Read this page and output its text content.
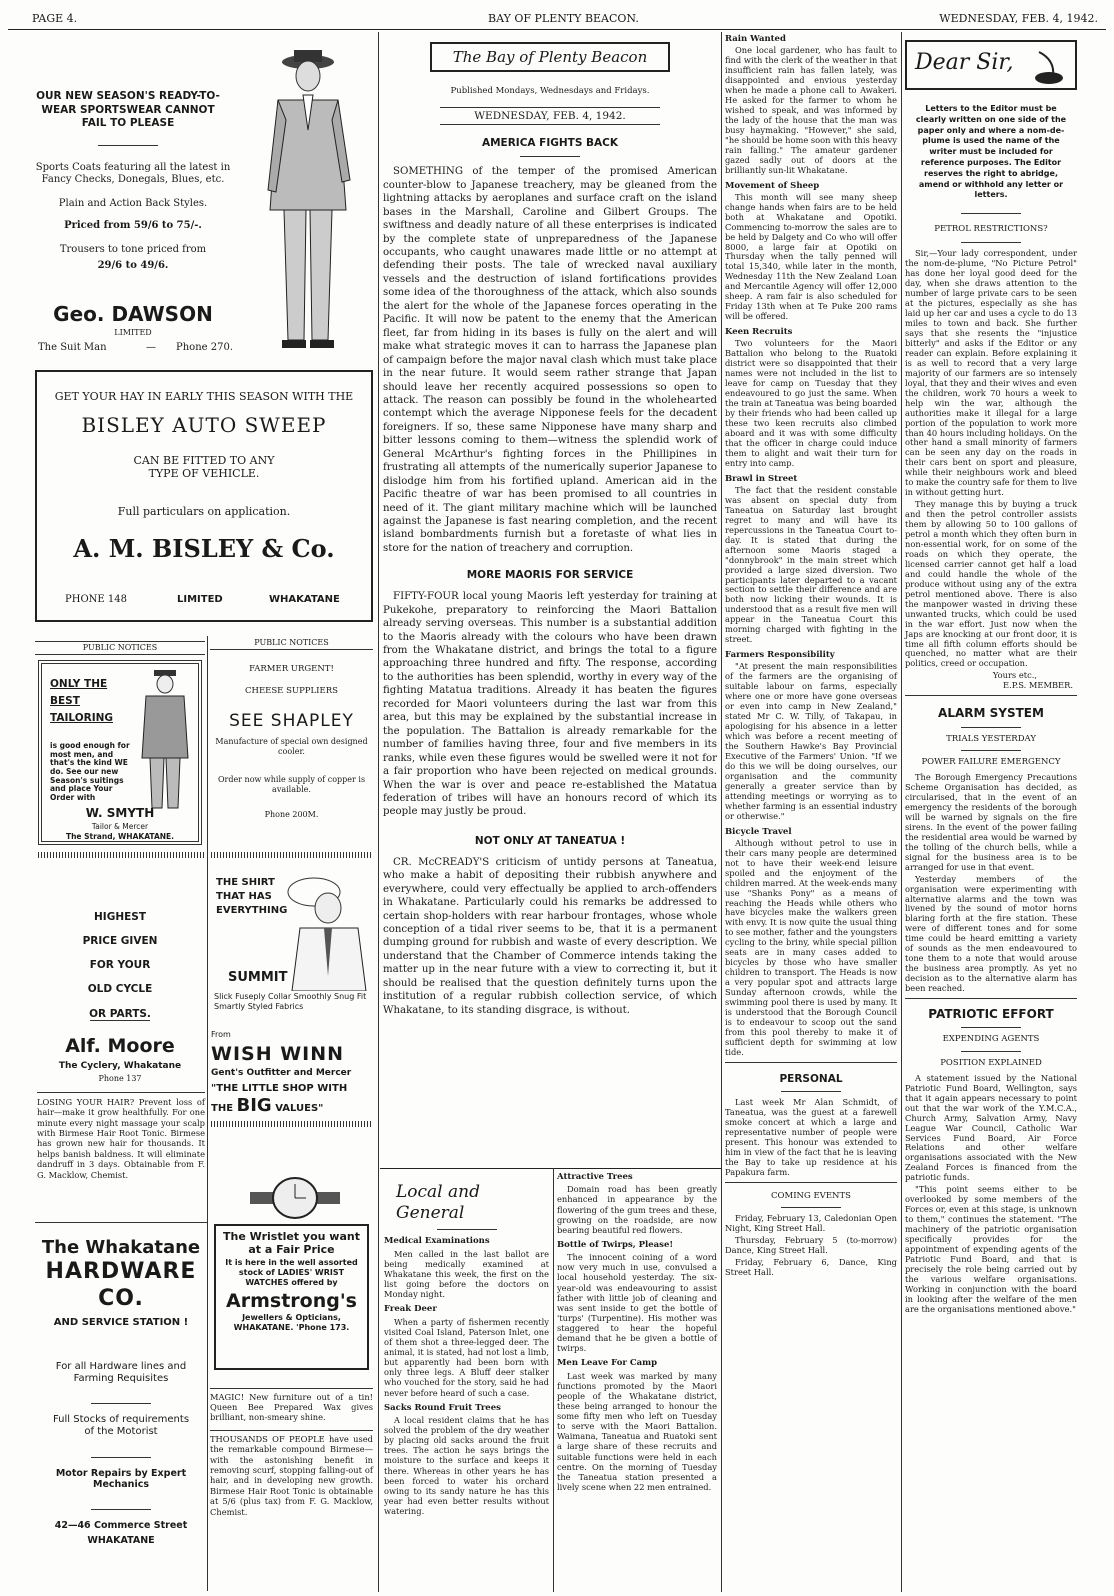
PAGE 4.	BAY OF PLENTY BEACON.	WEDNESDAY, FEB. 4, 1942.
OUR NEW SEASON'S READY-TO-WEAR SPORTSWEAR CANNOT FAIL TO PLEASE
Sports Coats featuring all the latest in Fancy Checks, Donegals, Blues, etc.
Plain and Action Back Styles.
Priced from 59/6 to 75/-.
Trousers to tone priced from
29/6 to 49/6.
Geo. DAWSON
LIMITED
The Suit Man	— Phone 270.
GET YOUR HAY IN EARLY THIS SEASON WITH THE
BISLEY AUTO SWEEP
CAN BE FITTED TO ANY TYPE OF VEHICLE.
Full particulars on application.
A. M. BISLEY & Co.
PHONE 148	LIMITED	WHAKATANE
PUBLIC NOTICES
PUBLIC NOTICES
ONLY THE BEST TAILORING
is good enough for most men, and that's the kind WE do. See our new Season's suitings and place Your Order with
W. SMYTH
Tailor & Mercer
The Strand, WHAKATANE.
FARMER URGENT!
CHEESE SUPPLIERS
SEE SHAPLEY
Manufacture of special own designed cooler.
Order now while supply of copper is available.
Phone 200M.
HIGHEST
PRICE GIVEN
FOR YOUR
OLD CYCLE
OR PARTS.
Alf. Moore
The Cyclery, Whakatane
Phone 137
LOSING YOUR HAIR? Prevent loss of hair—make it grow healthfully. For one minute every night massage your scalp with Birmese Hair Root Tonic. Birmese has grown new hair for thousands. It helps banish baldness. It will eliminate dandruff in 3 days. Obtainable from F. G. Macklow, Chemist.
The Whakatane
HARDWARE CO.
AND SERVICE STATION !
For all Hardware lines and Farming Requisites
Full Stocks of requirements of the Motorist
Motor Repairs by Expert Mechanics
42—46 Commerce Street
WHAKATANE
THE SHIRT THAT HAS EVERYTHING
SUMMIT
Slick Fuseply Collar Smoothly Snug Fit Smartly Styled Fabrics
From
WISH WINN
Gent's Outfitter and Mercer
"THE LITTLE SHOP WITH
THE BIG VALUES"
The Wristlet you want at a Fair Price
It is here in the well assorted stock of LADIES' WRIST WATCHES offered by
Armstrong's
Jewellers & Opticians,
WHAKATANE. 'Phone 173.
MAGIC! New furniture out of a tin! Queen Bee Prepared Wax gives brilliant, non-smeary shine.
THOUSANDS OF PEOPLE have used the remarkable compound Birmese—with the astonishing benefit in removing scurf, stopping falling-out of hair, and in developing new growth. Birmese Hair Root Tonic is obtainable at 5/6 (plus tax) from F. G. Macklow, Chemist.
The Bay of Plenty Beacon
Published Mondays, Wednesdays and Fridays.
WEDNESDAY, FEB. 4, 1942.
AMERICA FIGHTS BACK

SOMETHING of the temper of the promised American counter-blow to Japanese treachery, may be gleaned from the lightning attacks by aeroplanes and surface craft on the island bases in the Marshall, Caroline and Gilbert Groups. The swiftness and deadly nature of all these enterprises is indicated by the complete state of unpreparedness of the Japanese occupants, who caught unawares made little or no attempt at defending their posts. The tale of wrecked naval auxiliary vessels and the destruction of island fortifications provides some idea of the thoroughness of the attack, which also sounds the alert for the whole of the Japanese forces operating in the Pacific. It will now be patent to the enemy that the American fleet, far from hiding in its bases is fully on the alert and will make what strategic moves it can to harrass the Japanese plan of campaign before the major naval clash which must take place in the near future. It would seem rather strange that Japan should leave her recently acquired possessions so open to attack. The reason can possibly be found in the wholehearted contempt which the average Nipponese feels for the decadent foreigners. If so, these same Nipponese have many sharp and bitter lessons coming to them—witness the splendid work of General McArthur's fighting forces in the Phillipines in frustrating all attempts of the numerically superior Japanese to dislodge him from his fortified upland. American aid in the Pacific theatre of war has been promised to all countries in need of it. The giant military machine which will be launched against the Japanese is fast nearing completion, and the recent island bombardments furnish but a foretaste of what lies in store for the nation of treachery and corruption.

MORE MAORIS FOR SERVICE

FIFTY-FOUR local young Maoris left yesterday for training at Pukekohe, preparatory to reinforcing the Maori Battalion already serving overseas. This number is a substantial addition to the Maoris already with the colours who have been drawn from the Whakatane district, and brings the total to a figure approaching three hundred and fifty. The response, according to the authorities has been splendid, worthy in every way of the fighting Matatua traditions. Already it has beaten the figures recorded for Maori volunteers during the last war from this area, but this may be explained by the substantial increase in the population. The Battalion is already remarkable for the number of families having three, four and five members in its ranks, while even these figures would be swelled were it not for a fair proportion who have been rejected on medical grounds. When the war is over and peace re-established the Matatua federation of tribes will have an honours record of which its people may justly be proud.

NOT ONLY AT TANEATUA !

CR. McCREADY'S criticism of untidy persons at Taneatua, who make a habit of depositing their rubbish anywhere and everywhere, could very effectually be applied to arch-offenders in Whakatane. Particularly could his remarks be addressed to certain shop-holders with rear harbour frontages, whose whole conception of a tidal river seems to be, that it is a permanent dumping ground for rubbish and waste of every description. We understand that the Chamber of Commerce intends taking the matter up in the near future with a view to correcting it, but it should be realised that the question definitely turns upon the institution of a regular rubbish collection service, of which Whakatane, to its standing disgrace, is without.

Local and General
Medical Examinations

Men called in the last ballot are being medically examined at Whakatane this week, the first on the list going before the doctors on Monday night.

Freak Deer

When a party of fishermen recently visited Coal Island, Paterson Inlet, one of them shot a three-legged deer. The animal, it is stated, had not lost a limb, but apparently had been born with only three legs. A Bluff deer stalker who vouched for the story, said he had never before heard of such a case.

Sacks Round Fruit Trees

A local resident claims that he has solved the problem of the dry weather by placing old sacks around the fruit trees. The action he says brings the moisture to the surface and keeps it there. Whereas in other years he has been forced to water his orchard owing to its sandy nature he has this year had even better results without watering.

Attractive Trees

Domain road has been greatly enhanced in appearance by the flowering of the gum trees and these, growing on the roadside, are now bearing beautiful red flowers.

Bottle of Twirps, Please!

The innocent coining of a word now very much in use, convulsed a local household yesterday. The six-year-old was endeavouring to assist father with little job of cleaning and was sent inside to get the bottle of 'turps' (Turpentine). His mother was staggered to hear the hopeful demand that he be given a bottle of twirps.

Men Leave For Camp

Last week was marked by many functions promoted by the Maori people of the Whakatane district, these being arranged to honour the some fifty men who left on Tuesday to serve with the Maori Battalion. Waimana, Taneatua and Ruatoki sent a large share of these recruits and suitable functions were held in each centre. On the morning of Tuesday the Taneatua station presented a lively scene when 22 men entrained.

Rain Wanted

One local gardener, who has fault to find with the clerk of the weather in that insufficient rain has fallen lately, was disappointed and envious yesterday when he made a phone call to Awakeri. He asked for the farmer to whom he wished to speak, and was informed by the lady of the house that the man was busy haymaking. "However," she said, "he should be home soon with this heavy rain falling." The amateur gardener gazed sadly out of doors at the brilliantly sun-lit Whakatane.

Movement of Sheep

This month will see many sheep change hands when fairs are to be held both at Whakatane and Opotiki. Commencing to-morrow the sales are to be held by Dalgety and Co who will offer 8000, a large fair at Opotiki on Thursday when the tally penned will total 15,340, while later in the month, Wednesday 11th the New Zealand Loan and Mercantile Agency will offer 12,000 sheep. A ram fair is also scheduled for Friday 13th when at Te Puke 200 rams will be offered.

Keen Recruits

Two volunteers for the Maori Battalion who belong to the Ruatoki district were so disappointed that their names were not included in the list to leave for camp on Tuesday that they endeavoured to go just the same. When the train at Taneatua was being boarded by their friends who had been called up these two keen recruits also climbed aboard and it was with some difficulty that the officer in charge could induce them to alight and wait their turn for entry into camp.

Brawl in Street

The fact that the resident constable was absent on special duty from Taneatua on Saturday last brought regret to many and will have its repercussions in the Taneatua Court to-day. It is stated that during the afternoon some Maoris staged a "donnybrook" in the main street which provided a large sized diversion. Two participants later departed to a vacant section to settle their difference and are both now licking their wounds. It is understood that as a result five men will appear in the Taneatua Court this morning charged with fighting in the street.

Farmers Responsibility

"At present the main responsibilities of the farmers are the organising of suitable labour on farms, especially where one or more have gone overseas or even into camp in New Zealand," stated Mr C. W. Tilly, of Takapau, in apologising for his absence in a letter which was before a recent meeting of the Southern Hawke's Bay Provincial Executive of the Farmers' Union. "If we do this we will be doing ourselves, our organisation and the community generally a greater service than by attending meetings or worrying as to whether farming is an essential industry or otherwise."

Bicycle Travel

Although without petrol to use in their cars many people are determined not to have their week-end leisure spoiled and the enjoyment of the children marred. At the week-ends many use "Shanks Pony" as a means of reaching the Heads while others who have bicycles make the walkers green with envy. It is now quite the usual thing to see mother, father and the youngsters cycling to the briny, while special pillion seats are in many cases added to bicycles by those who have smaller children to transport. The Heads is now a very popular spot and attracts large Sunday afternoon crowds, while the swimming pool there is used by many. It is understood that the Borough Council is to endeavour to scoop out the sand from this pool thereby to make it of sufficient depth for swimming at low tide.

PERSONAL

Last week Mr Alan Schmidt, of Taneatua, was the guest at a farewell smoke concert at which a large and representative number of people were present. This honour was extended to him in view of the fact that he is leaving the Bay to take up residence at his Papakura farm.

COMING EVENTS

Friday, February 13, Caledonian Open Night, King Street Hall.

Thursday, February 5 (to-morrow) Dance, King Street Hall.

Friday, February 6, Dance, King Street Hall.

Dear Sir,
Letters to the Editor must be clearly written on one side of the paper only and where a nom-de-plume is used the name of the writer must be included for reference purposes. The Editor reserves the right to abridge, amend or withhold any letter or letters.
PETROL RESTRICTIONS?

Sir,—Your lady correspondent, under the nom-de-plume, "No Picture Petrol" has done her loyal good deed for the day, when she draws attention to the number of large private cars to be seen at the pictures, especially as she has laid up her car and uses a cycle to do 13 miles to town and back. She further says that she resents the "injustice bitterly" and asks if the Editor or any reader can explain. Before explaining it is as well to record that a very large majority of our farmers are so intensely loyal, that they and their wives and even the children, work 70 hours a week to help win the war, although the authorities make it illegal for a large portion of the population to work more than 40 hours including holidays. On the other hand a small minority of farmers can be seen any day on the roads in their cars bent on sport and pleasure, while their neighbours work and bleed to make the country safe for them to live in without getting hurt.

They manage this by buying a truck and then the petrol controller assists them by allowing 50 to 100 gallons of petrol a month which they often burn in non-essential work, for on some of the roads on which they operate, the licensed carrier cannot get half a load and could handle the whole of the produce without using any of the extra petrol mentioned above. There is also the manpower wasted in driving these unwanted trucks, which could be used in the war effort. Just now when the Japs are knocking at our front door, it is time all fifth column efforts should be quenched, no matter what are their politics, creed or occupation.

Yours etc.,
E.P.S. MEMBER.
ALARM SYSTEM
TRIALS YESTERDAY
POWER FAILURE EMERGENCY

The Borough Emergency Precautions Scheme Organisation has decided, as circularised, that in the event of an emergency the residents of the borough will be warned by signals on the fire sirens. In the event of the power failing the residential area would be warned by the tolling of the church bells, while a signal for the business area is to be arranged for use in that event.

Yesterday members of the organisation were experimenting with alternative alarms and the town was livened by the sound of motor horns blaring forth at the fire station. These were of different tones and for some time could be heard emitting a variety of sounds as the men endeavoured to tone them to a note that would arouse the business area promptly. As yet no decision as to the alternative alarm has been reached.

PATRIOTIC EFFORT
EXPENDING AGENTS
POSITION EXPLAINED

A statement issued by the National Patriotic Fund Board, Wellington, says that it again appears necessary to point out that the war work of the Y.M.C.A., Church Army, Salvation Army, Navy League War Council, Catholic War Services Fund Board, Air Force Relations and other welfare organisations associated with the New Zealand Forces is financed from the patriotic funds.

"This point seems either to be overlooked by some members of the Forces or, even at this stage, is unknown to them," continues the statement. "The machinery of the patriotic organisation specifically provides for the appointment of expending agents of the Patriotic Fund Board, and that is precisely the role being carried out by the various welfare organisations. Working in conjunction with the board in looking after the welfare of the men are the organisations mentioned above."
